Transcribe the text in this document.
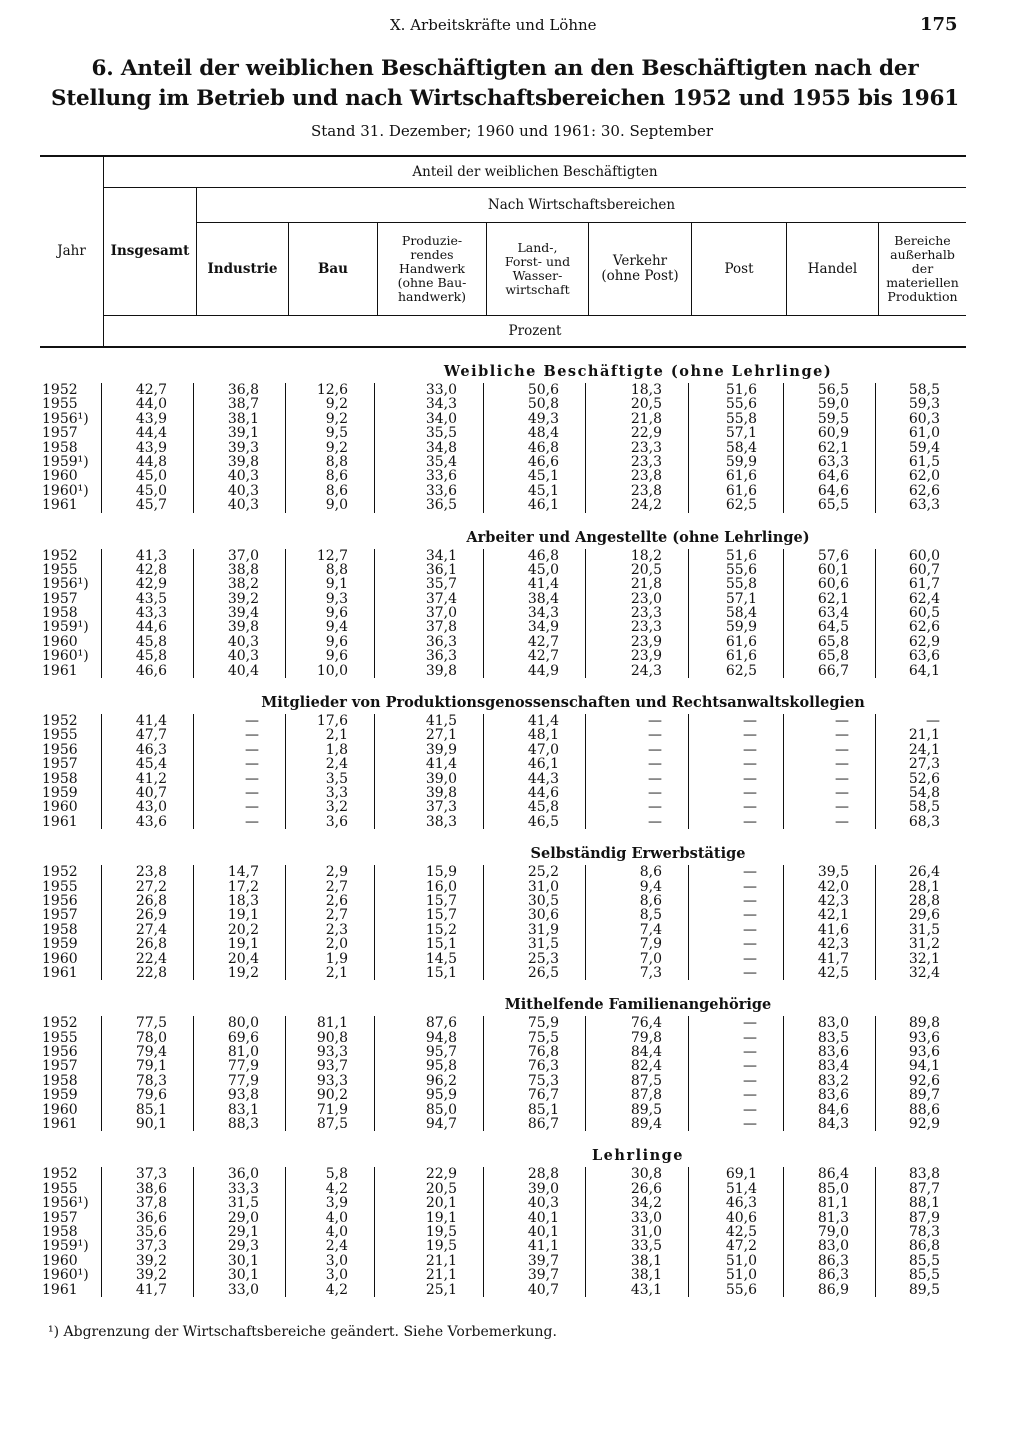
X. Arbeitskräfte und Löhne	175
6. Anteil der weiblichen Beschäftigten an den Beschäftigten nach der Stellung im Betrieb und nach Wirtschaftsbereichen 1952 und 1955 bis 1961
Stand 31. Dezember; 1960 und 1961: 30. September
Jahr
Anteil der weiblichen Beschäftigten
Insgesamt
Nach Wirtschaftsbereichen
Industrie	Bau
Produzie-
rendes
Handwerk
(ohne Bau-
handwerk)
Land-,
Forst- und
Wasser-
wirtschaft
Verkehr
(ohne Post)	Post	Handel
Bereiche
außerhalb
der
materiellen
Produktion
Prozent
Weibliche Beschäftigte (ohne Lehrlinge)
1952	42,7	36,8	12,6	33,0	50,6	18,3	51,6	56,5	58,5
1955	44,0	38,7	9,2	34,3	50,8	20,5	55,6	59,0	59,3
1956¹)	43,9	38,1	9,2	34,0	49,3	21,8	55,8	59,5	60,3
1957	44,4	39,1	9,5	35,5	48,4	22,9	57,1	60,9	61,0
1958	43,9	39,3	9,2	34,8	46,8	23,3	58,4	62,1	59,4
1959¹)	44,8	39,8	8,8	35,4	46,6	23,3	59,9	63,3	61,5
1960	45,0	40,3	8,6	33,6	45,1	23,8	61,6	64,6	62,0
1960¹)	45,0	40,3	8,6	33,6	45,1	23,8	61,6	64,6	62,6
1961	45,7	40,3	9,0	36,5	46,1	24,2	62,5	65,5	63,3
Arbeiter und Angestellte (ohne Lehrlinge)
1952	41,3	37,0	12,7	34,1	46,8	18,2	51,6	57,6	60,0
1955	42,8	38,8	8,8	36,1	45,0	20,5	55,6	60,1	60,7
1956¹)	42,9	38,2	9,1	35,7	41,4	21,8	55,8	60,6	61,7
1957	43,5	39,2	9,3	37,4	38,4	23,0	57,1	62,1	62,4
1958	43,3	39,4	9,6	37,0	34,3	23,3	58,4	63,4	60,5
1959¹)	44,6	39,8	9,4	37,8	34,9	23,3	59,9	64,5	62,6
1960	45,8	40,3	9,6	36,3	42,7	23,9	61,6	65,8	62,9
1960¹)	45,8	40,3	9,6	36,3	42,7	23,9	61,6	65,8	63,6
1961	46,6	40,4	10,0	39,8	44,9	24,3	62,5	66,7	64,1
Mitglieder von Produktionsgenossenschaften und Rechtsanwaltskollegien
1952	41,4	—	17,6	41,5	41,4	—	—	—	—
1955	47,7	—	2,1	27,1	48,1	—	—	—	21,1
1956	46,3	—	1,8	39,9	47,0	—	—	—	24,1
1957	45,4	—	2,4	41,4	46,1	—	—	—	27,3
1958	41,2	—	3,5	39,0	44,3	—	—	—	52,6
1959	40,7	—	3,3	39,8	44,6	—	—	—	54,8
1960	43,0	—	3,2	37,3	45,8	—	—	—	58,5
1961	43,6	—	3,6	38,3	46,5	—	—	—	68,3
Selbständig Erwerbstätige
1952	23,8	14,7	2,9	15,9	25,2	8,6	—	39,5	26,4
1955	27,2	17,2	2,7	16,0	31,0	9,4	—	42,0	28,1
1956	26,8	18,3	2,6	15,7	30,5	8,6	—	42,3	28,8
1957	26,9	19,1	2,7	15,7	30,6	8,5	—	42,1	29,6
1958	27,4	20,2	2,3	15,2	31,9	7,4	—	41,6	31,5
1959	26,8	19,1	2,0	15,1	31,5	7,9	—	42,3	31,2
1960	22,4	20,4	1,9	14,5	25,3	7,0	—	41,7	32,1
1961	22,8	19,2	2,1	15,1	26,5	7,3	—	42,5	32,4
Mithelfende Familienangehörige
1952	77,5	80,0	81,1	87,6	75,9	76,4	—	83,0	89,8
1955	78,0	69,6	90,8	94,8	75,5	79,8	—	83,5	93,6
1956	79,4	81,0	93,3	95,7	76,8	84,4	—	83,6	93,6
1957	79,1	77,9	93,7	95,8	76,3	82,4	—	83,4	94,1
1958	78,3	77,9	93,3	96,2	75,3	87,5	—	83,2	92,6
1959	79,6	93,8	90,2	95,9	76,7	87,8	—	83,6	89,7
1960	85,1	83,1	71,9	85,0	85,1	89,5	—	84,6	88,6
1961	90,1	88,3	87,5	94,7	86,7	89,4	—	84,3	92,9
Lehrlinge
1952	37,3	36,0	5,8	22,9	28,8	30,8	69,1	86,4	83,8
1955	38,6	33,3	4,2	20,5	39,0	26,6	51,4	85,0	87,7
1956¹)	37,8	31,5	3,9	20,1	40,3	34,2	46,3	81,1	88,1
1957	36,6	29,0	4,0	19,1	40,1	33,0	40,6	81,3	87,9
1958	35,6	29,1	4,0	19,5	40,1	31,0	42,5	79,0	78,3
1959¹)	37,3	29,3	2,4	19,5	41,1	33,5	47,2	83,0	86,8
1960	39,2	30,1	3,0	21,1	39,7	38,1	51,0	86,3	85,5
1960¹)	39,2	30,1	3,0	21,1	39,7	38,1	51,0	86,3	85,5
1961	41,7	33,0	4,2	25,1	40,7	43,1	55,6	86,9	89,5
¹) Abgrenzung der Wirtschaftsbereiche geändert. Siehe Vorbemerkung.
